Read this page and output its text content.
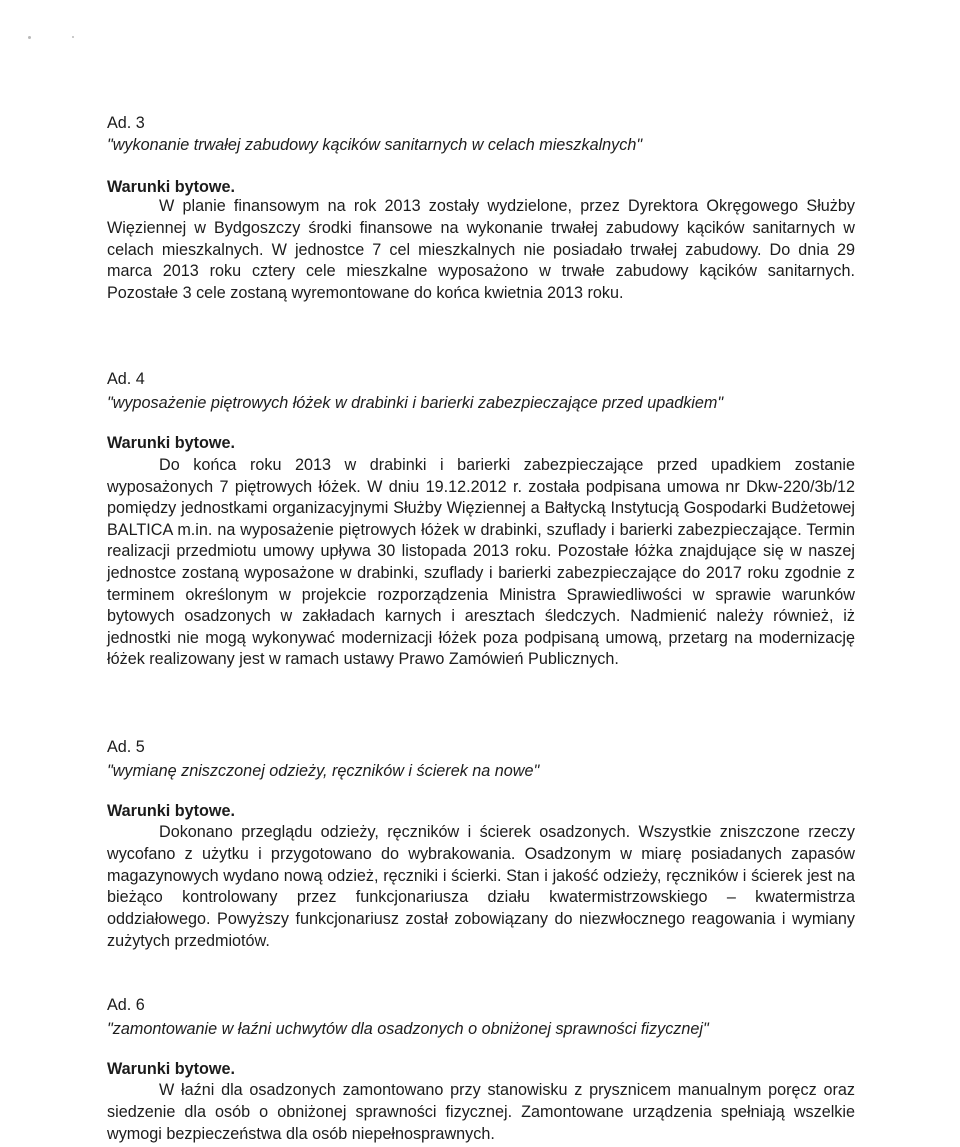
Ad. 3
"wykonanie trwałej zabudowy kącików sanitarnych w celach mieszkalnych"
Warunki bytowe.

W planie finansowym na rok 2013 zostały wydzielone, przez Dyrektora Okręgowego Służby Więziennej w Bydgoszczy środki finansowe na wykonanie trwałej zabudowy kącików sanitarnych w celach mieszkalnych. W jednostce 7 cel mieszkalnych nie posiadało trwałej zabudowy. Do dnia 29 marca 2013 roku cztery cele mieszkalne wyposażono w trwałe zabudowy kącików sanitarnych. Pozostałe 3 cele zostaną wyremontowane do końca kwietnia 2013 roku.

Ad. 4
"wyposażenie piętrowych łóżek w drabinki i barierki zabezpieczające przed upadkiem"
Warunki bytowe.

Do końca roku 2013 w drabinki i barierki zabezpieczające przed upadkiem zostanie wyposażonych 7 piętrowych łóżek. W dniu 19.12.2012 r. została podpisana umowa nr Dkw-220/3b/12 pomiędzy jednostkami organizacyjnymi Służby Więziennej a Bałtycką Instytucją Gospodarki Budżetowej BALTICA m.in. na wyposażenie piętrowych łóżek w drabinki, szuflady i barierki zabezpieczające. Termin realizacji przedmiotu umowy upływa 30 listopada 2013 roku. Pozostałe łóżka znajdujące się w naszej jednostce zostaną wyposażone w drabinki, szuflady i barierki zabezpieczające do 2017 roku zgodnie z terminem określonym w projekcie rozporządzenia Ministra Sprawiedliwości w sprawie warunków bytowych osadzonych w zakładach karnych i aresztach śledczych. Nadmienić należy również, iż jednostki nie mogą wykonywać modernizacji łóżek poza podpisaną umową, przetarg na modernizację łóżek realizowany jest w ramach ustawy Prawo Zamówień Publicznych.

Ad. 5
"wymianę zniszczonej odzieży, ręczników i ścierek na nowe"
Warunki bytowe.

Dokonano przeglądu odzieży, ręczników i ścierek osadzonych. Wszystkie zniszczone rzeczy wycofano z użytku i przygotowano do wybrakowania. Osadzonym w miarę posiadanych zapasów magazynowych wydano nową odzież, ręczniki i ścierki. Stan i jakość odzieży, ręczników i ścierek jest na bieżąco kontrolowany przez funkcjonariusza działu kwatermistrzowskiego – kwatermistrza oddziałowego. Powyższy funkcjonariusz został zobowiązany do niezwłocznego reagowania i wymiany zużytych przedmiotów.

Ad. 6
"zamontowanie w łaźni uchwytów dla osadzonych o obniżonej sprawności fizycznej"
Warunki bytowe.

W łaźni dla osadzonych zamontowano przy stanowisku z prysznicem manualnym poręcz oraz siedzenie dla osób o obniżonej sprawności fizycznej. Zamontowane urządzenia spełniają wszelkie wymogi bezpieczeństwa dla osób niepełnosprawnych.
